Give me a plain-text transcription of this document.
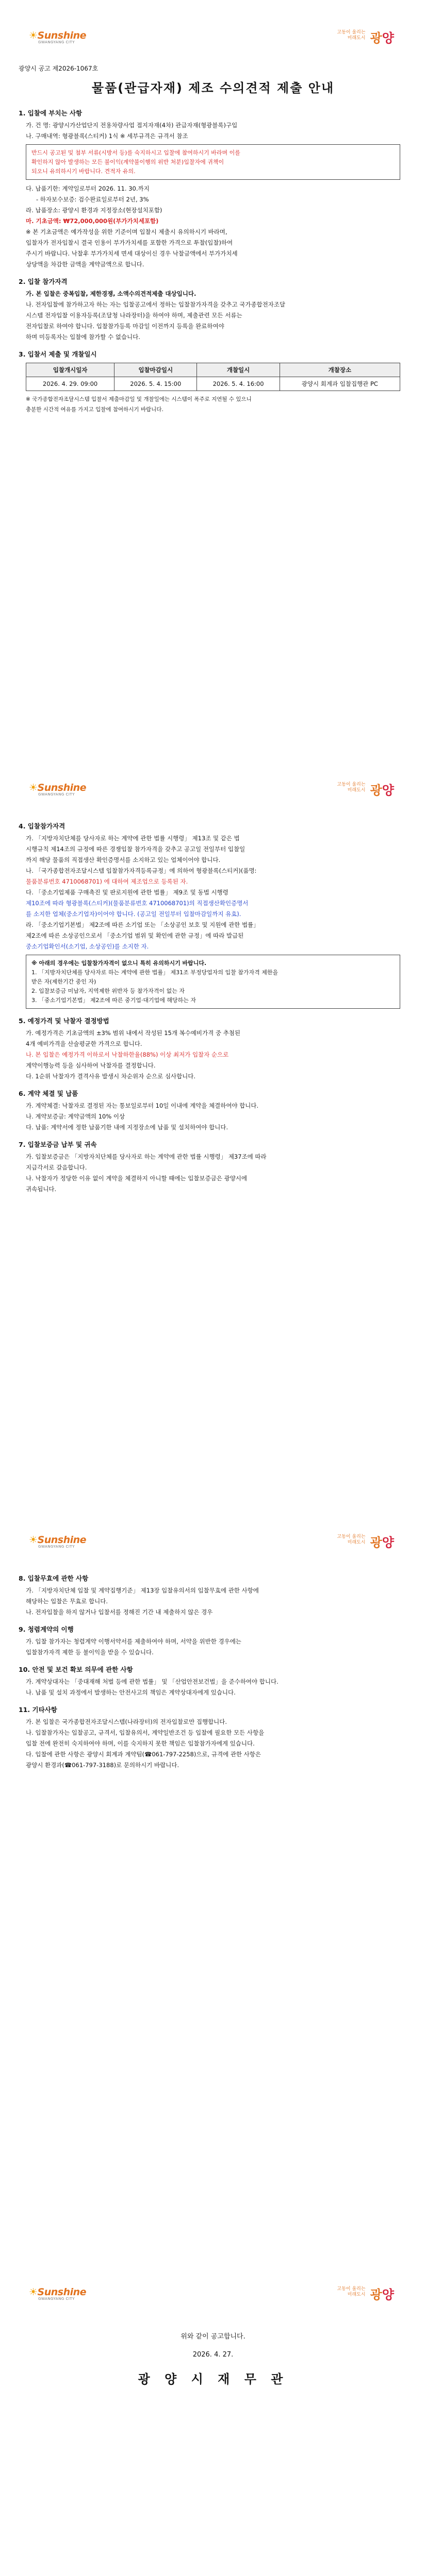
☀Sunshine
GWANGYANG CITY
고동이 울리는
미래도시 광양
광양시 공고 제2026-1067호
물품(관급자재) 제조 수의견적 제출 안내
1. 입찰에 부치는 사항
가. 건 명: 광양시가산업단지 전용차량사업 접지자재(4차) 관급자재(형광블록)구입
나. 구매내역: 형광블록(스티커) 1식 ※ 세부규격은 규격서 참조
반드시 공고된 및 첨부 서류(시방서 등)를 숙지하시고 입찰에 참여하시기 바라며 이를
확인하지 않아 발생하는 모든 불이익(계약불이행의 위반 처분)입찰자에 귀책이
되오니 유의하시기 바랍니다. 견적자 유의.
다. 납품기한: 계약일로부터 2026. 11. 30.까지
- 하자보수보증: 검수완료일로부터 2년, 3%
라. 납품장소: 광양시 환경과 지정장소(현장설치포함)
마. 기초금액: ₩72,000,000원(부가가치세포함)
※ 본 기초금액은 예가작성을 위한 기준이며 입찰시 제출시 유의하시기 바라며,
입찰자가 전자입찰시 결국 인용이 부가가치세를 포함한 가격으로 투찰(입찰)하여
주시기 바랍니다. 낙찰후 부가가치세 면세 대상이신 경우 낙찰금액에서 부가가치세
상당액을 차감한 금액을 계약금액으로 합니다.
2. 입찰 참가자격
가. 본 입찰은 중복입찰, 제한경쟁, 소액수의견적제출 대상입니다.
나. 전자입찰에 참가하고자 하는 자는 입찰공고에서 정하는 입찰참가자격을 갖추고 국가종합전자조달
시스템 전자입찰 이용자등록(조달청 나라장터)을 하여야 하며, 제출관련 모든 서류는
전자입찰로 하여야 합니다. 입찰참가등록 마감일 이전까지 등록을 완료하여야
하며 미등록자는 입찰에 참가할 수 없습니다.
3. 입찰서 제출 및 개찰일시
입찰개시일자	입찰마감일시	개찰일시	개찰장소
2026. 4. 29. 09:00	2026. 5. 4. 15:00	2026. 5. 4. 16:00	광양시 회계과 입찰집행관 PC
※ 국가종합전자조달시스템 입찰서 제출마감일 및 개찰일에는 시스템이 폭주로 지연될 수 있으니
충분한 시간적 여유를 가지고 입찰에 참여하시기 바랍니다.
☀Sunshine
GWANGYANG CITY
고동이 울리는
미래도시 광양
4. 입찰참가자격
가. 「지방자치단체를 당사자로 하는 계약에 관한 법률 시행령」 제13조 및 같은 법
시행규칙 제14조의 규정에 따른 경쟁입찰 참가자격을 갖추고 공고일 전일부터 입찰일
까지 해당 물품의 직접생산 확인증명서를 소지하고 있는 업체이어야 합니다.
나. 「국가종합전자조달시스템 입찰참가자격등록규정」에 의하여 형광블록(스티커)(품명:
물품분류번호 4710068701) 에 대하여 제조업으로 등록된 자.
다. 「중소기업제품 구매촉진 및 판로지원에 관한 법률」 제9조 및 동법 시행령
제10조에 따라 형광블록(스티커)(물품분류번호 4710068701)의 직접생산확인증명서
를 소지한 업체(중소기업자)이어야 합니다. (공고일 전일부터 입찰마감일까지 유효).
라. 「중소기업기본법」 제2조에 따른 소기업 또는 「소상공인 보호 및 지원에 관한 법률」
제2조에 따른 소상공인으로서 「중소기업 범위 및 확인에 관한 규정」에 따라 발급된
중소기업확인서(소기업, 소상공인)를 소지한 자.
※ 아래의 경우에는 입찰참가자격이 없으니 특히 유의하시기 바랍니다.
1. 「지방자치단체를 당사자로 하는 계약에 관한 법률」 제31조 부정당업자의 입찰 참가자격 제한을
받은 자(제한기간 중인 자)
2. 입찰보증금 미납자, 지역제한 위반자 등 참가자격이 없는 자
3. 「중소기업기본법」 제2조에 따른 중기업·대기업에 해당하는 자
5. 예정가격 및 낙찰자 결정방법
가. 예정가격은 기초금액의 ±3% 범위 내에서 작성된 15개 복수예비가격 중 추첨된
4개 예비가격을 산술평균한 가격으로 합니다.
나. 본 입찰은 예정가격 이하로서 낙찰하한율(88%) 이상 최저가 입찰자 순으로
계약이행능력 등을 심사하여 낙찰자를 결정합니다.
다. 1순위 낙찰자가 결격사유 발생시 차순위자 순으로 심사합니다.
6. 계약 체결 및 납품
가. 계약체결: 낙찰자로 결정된 자는 통보일로부터 10일 이내에 계약을 체결하여야 합니다.
나. 계약보증금: 계약금액의 10% 이상
다. 납품: 계약서에 정한 납품기한 내에 지정장소에 납품 및 설치하여야 합니다.
7. 입찰보증금 납부 및 귀속
가. 입찰보증금은 「지방자치단체를 당사자로 하는 계약에 관한 법률 시행령」 제37조에 따라
지급각서로 갈음합니다.
나. 낙찰자가 정당한 이유 없이 계약을 체결하지 아니할 때에는 입찰보증금은 광양시에
귀속됩니다.
☀Sunshine
GWANGYANG CITY
고동이 울리는
미래도시 광양
8. 입찰무효에 관한 사항
가. 「지방자치단체 입찰 및 계약집행기준」 제13장 입찰유의서의 입찰무효에 관한 사항에
해당하는 입찰은 무효로 합니다.
나. 전자입찰을 하지 않거나 입찰서를 정해진 기간 내 제출하지 않은 경우
9. 청렴계약의 이행
가. 입찰 참가자는 청렴계약 이행서약서를 제출하여야 하며, 서약을 위반한 경우에는
입찰참가자격 제한 등 불이익을 받을 수 있습니다.
10. 안전 및 보건 확보 의무에 관한 사항
가. 계약상대자는 「중대재해 처벌 등에 관한 법률」 및 「산업안전보건법」을 준수하여야 합니다.
나. 납품 및 설치 과정에서 발생하는 안전사고의 책임은 계약상대자에게 있습니다.
11. 기타사항
가. 본 입찰은 국가종합전자조달시스템(나라장터)의 전자입찰로만 집행합니다.
나. 입찰참가자는 입찰공고, 규격서, 입찰유의서, 계약일반조건 등 입찰에 필요한 모든 사항을
입찰 전에 완전히 숙지하여야 하며, 이를 숙지하지 못한 책임은 입찰참가자에게 있습니다.
다. 입찰에 관한 사항은 광양시 회계과 계약팀(☎061-797-2258)으로, 규격에 관한 사항은
광양시 환경과(☎061-797-3188)로 문의하시기 바랍니다.
☀Sunshine
GWANGYANG CITY
고동이 울리는
미래도시 광양
위와 같이 공고합니다.
2026. 4. 27.
광 양 시 재 무 관
